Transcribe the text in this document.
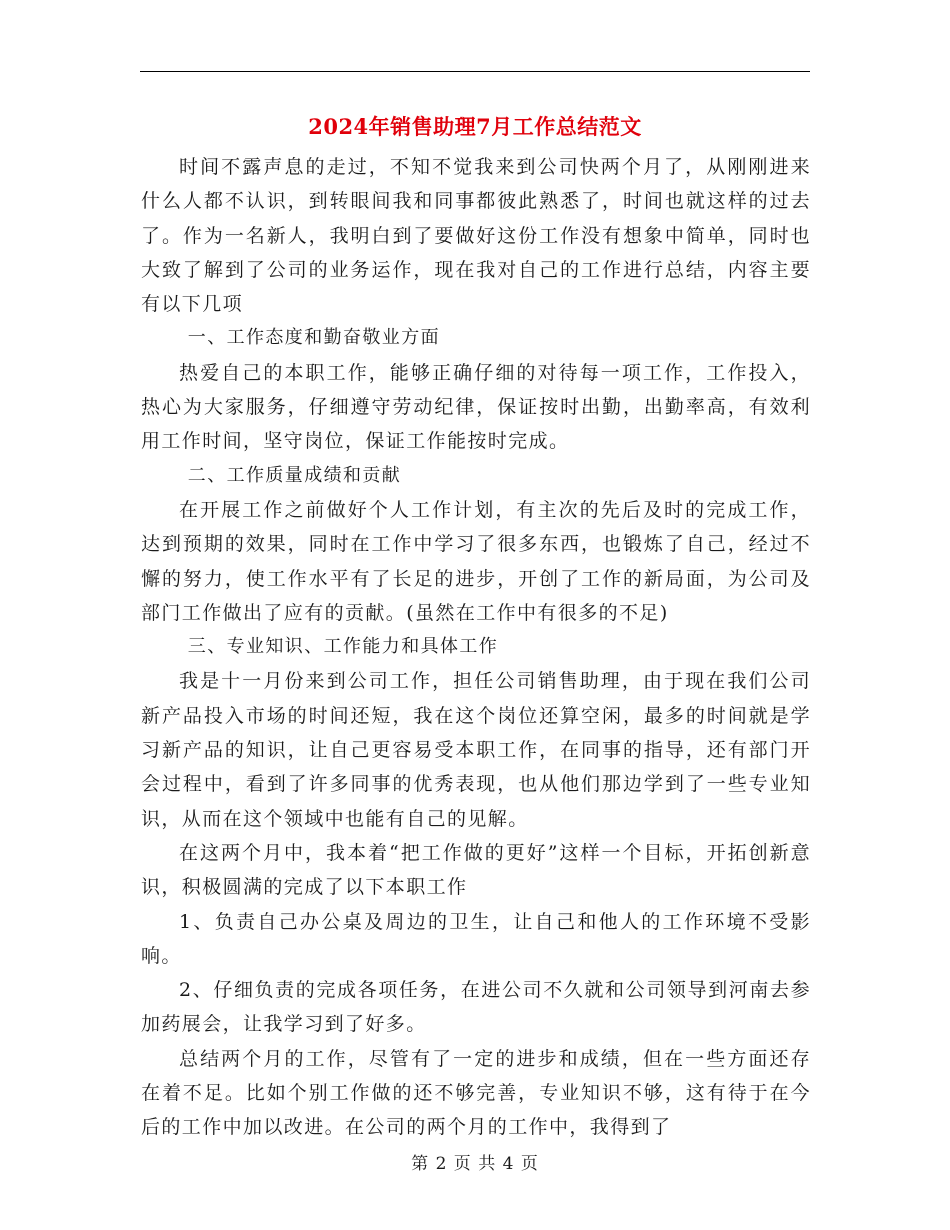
2024年销售助理7月工作总结范文

时间不露声息的走过，不知不觉我来到公司快两个月了，从刚刚进来什么人都不认识，到转眼间我和同事都彼此熟悉了，时间也就这样的过去了。作为一名新人，我明白到了要做好这份工作没有想象中简单，同时也大致了解到了公司的业务运作，现在我对自己的工作进行总结，内容主要有以下几项

一、工作态度和勤奋敬业方面

热爱自己的本职工作，能够正确仔细的对待每一项工作，工作投入，热心为大家服务，仔细遵守劳动纪律，保证按时出勤，出勤率高，有效利用工作时间，坚守岗位，保证工作能按时完成。

二、工作质量成绩和贡献

在开展工作之前做好个人工作计划，有主次的先后及时的完成工作，达到预期的效果，同时在工作中学习了很多东西，也锻炼了自己，经过不懈的努力，使工作水平有了长足的进步，开创了工作的新局面，为公司及部门工作做出了应有的贡献。(虽然在工作中有很多的不足)

三、专业知识、工作能力和具体工作

我是十一月份来到公司工作，担任公司销售助理，由于现在我们公司新产品投入市场的时间还短，我在这个岗位还算空闲，最多的时间就是学习新产品的知识，让自己更容易受本职工作，在同事的指导，还有部门开会过程中，看到了许多同事的优秀表现，也从他们那边学到了一些专业知识，从而在这个领域中也能有自己的见解。

在这两个月中，我本着“把工作做的更好”这样一个目标，开拓创新意识，积极圆满的完成了以下本职工作

1、负责自己办公桌及周边的卫生，让自己和他人的工作环境不受影响。

2、仔细负责的完成各项任务，在进公司不久就和公司领导到河南去参加药展会，让我学习到了好多。

总结两个月的工作，尽管有了一定的进步和成绩，但在一些方面还存在着不足。比如个别工作做的还不够完善，专业知识不够，这有待于在今后的工作中加以改进。在公司的两个月的工作中，我得到了

第 2 页 共 4 页
